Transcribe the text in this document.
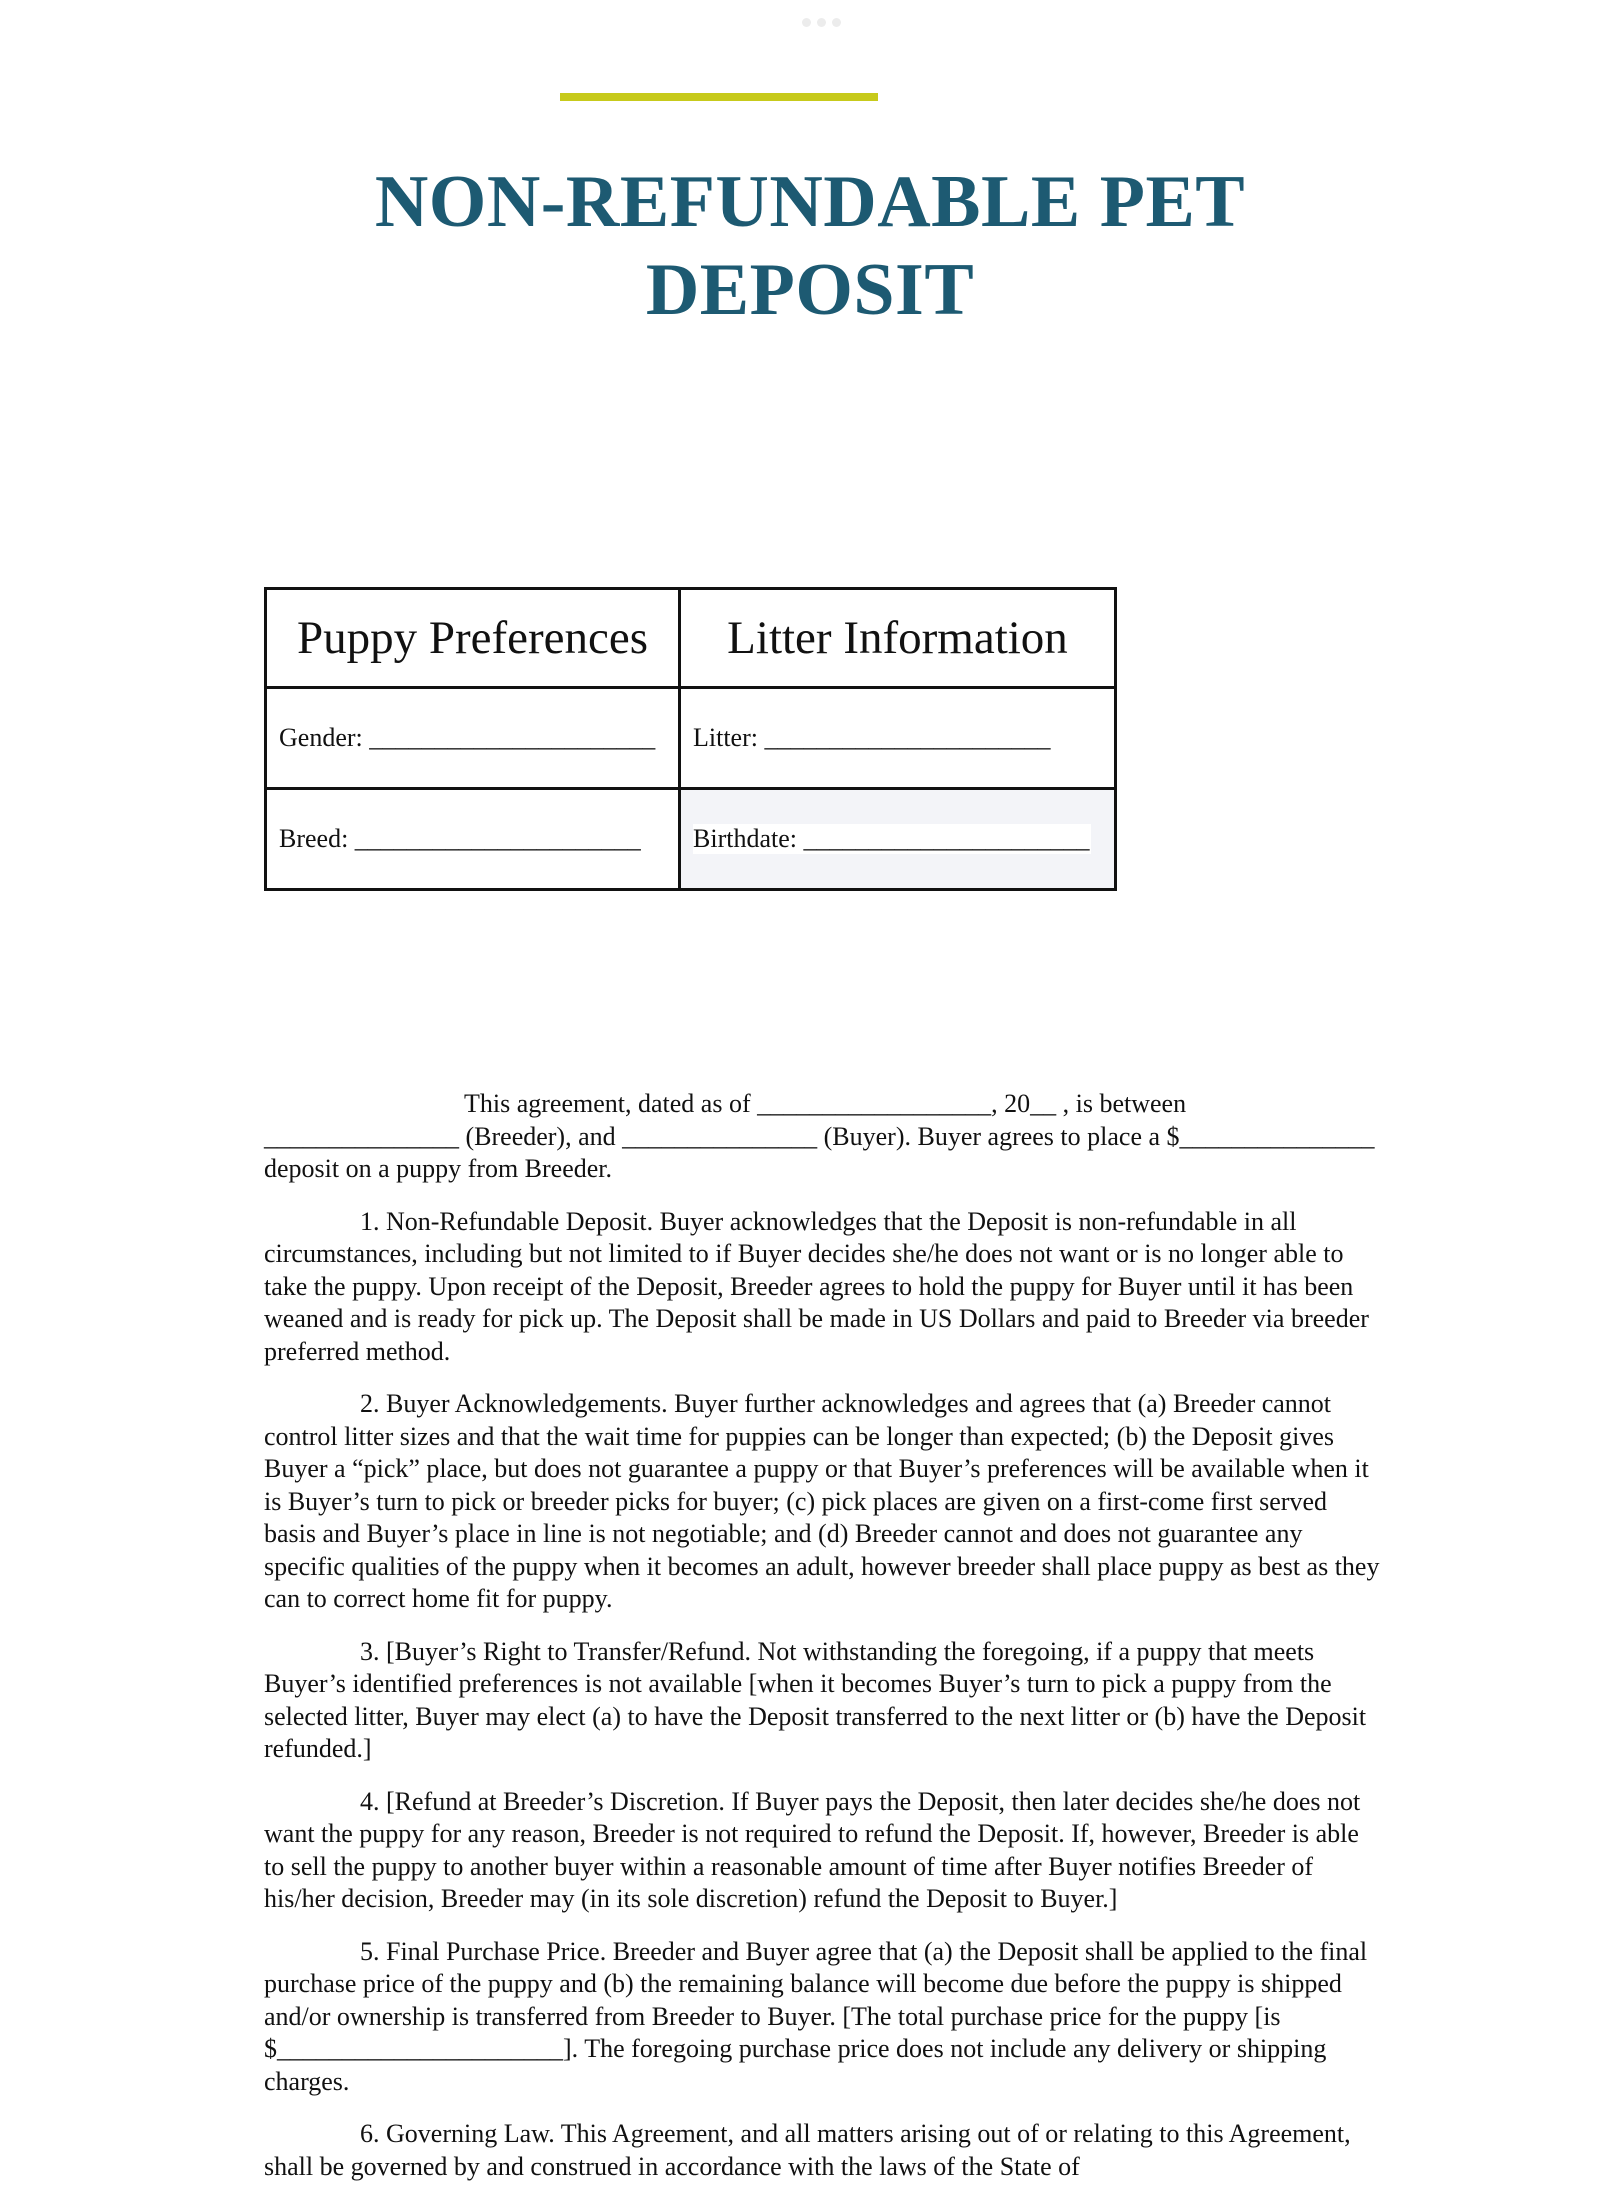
NON-REFUNDABLE PET
DEPOSIT
Puppy Preferences	Litter Information
Gender: ______________________	Litter: ______________________
Breed: ______________________	Birthdate: ______________________

This agreement, dated as of __________________, 20__ , is between
_______________ (Breeder), and _______________ (Buyer). Buyer agrees to place a $_______________ deposit on a puppy from Breeder.

1. Non-Refundable Deposit. Buyer acknowledges that the Deposit is non-refundable in all circumstances, including but not limited to if Buyer decides she/he does not want or is no longer able to take the puppy. Upon receipt of the Deposit, Breeder agrees to hold the puppy for Buyer until it has been weaned and is ready for pick up. The Deposit shall be made in US Dollars and paid to Breeder via breeder preferred method.

2. Buyer Acknowledgements. Buyer further acknowledges and agrees that (a) Breeder cannot control litter sizes and that the wait time for puppies can be longer than expected; (b) the Deposit gives Buyer a “pick” place, but does not guarantee a puppy or that Buyer’s preferences will be available when it is Buyer’s turn to pick or breeder picks for buyer; (c) pick places are given on a first-come first served basis and Buyer’s place in line is not negotiable; and (d) Breeder cannot and does not guarantee any specific qualities of the puppy when it becomes an adult, however breeder shall place puppy as best as they can to correct home fit for puppy.

3. [Buyer’s Right to Transfer/Refund. Not withstanding the foregoing, if a puppy that meets Buyer’s identified preferences is not available [when it becomes Buyer’s turn to pick a puppy from the selected litter, Buyer may elect (a) to have the Deposit transferred to the next litter or (b) have the Deposit refunded.]

4. [Refund at Breeder’s Discretion. If Buyer pays the Deposit, then later decides she/he does not want the puppy for any reason, Breeder is not required to refund the Deposit. If, however, Breeder is able to sell the puppy to another buyer within a reasonable amount of time after Buyer notifies Breeder of his/her decision, Breeder may (in its sole discretion) refund the Deposit to Buyer.]

5. Final Purchase Price. Breeder and Buyer agree that (a) the Deposit shall be applied to the final purchase price of the puppy and (b) the remaining balance will become due before the puppy is shipped and/or ownership is transferred from Breeder to Buyer. [The total purchase price for the puppy [is $______________________]. The foregoing purchase price does not include any delivery or shipping charges.

6. Governing Law. This Agreement, and all matters arising out of or relating to this Agreement, shall be governed by and construed in accordance with the laws of the State of
